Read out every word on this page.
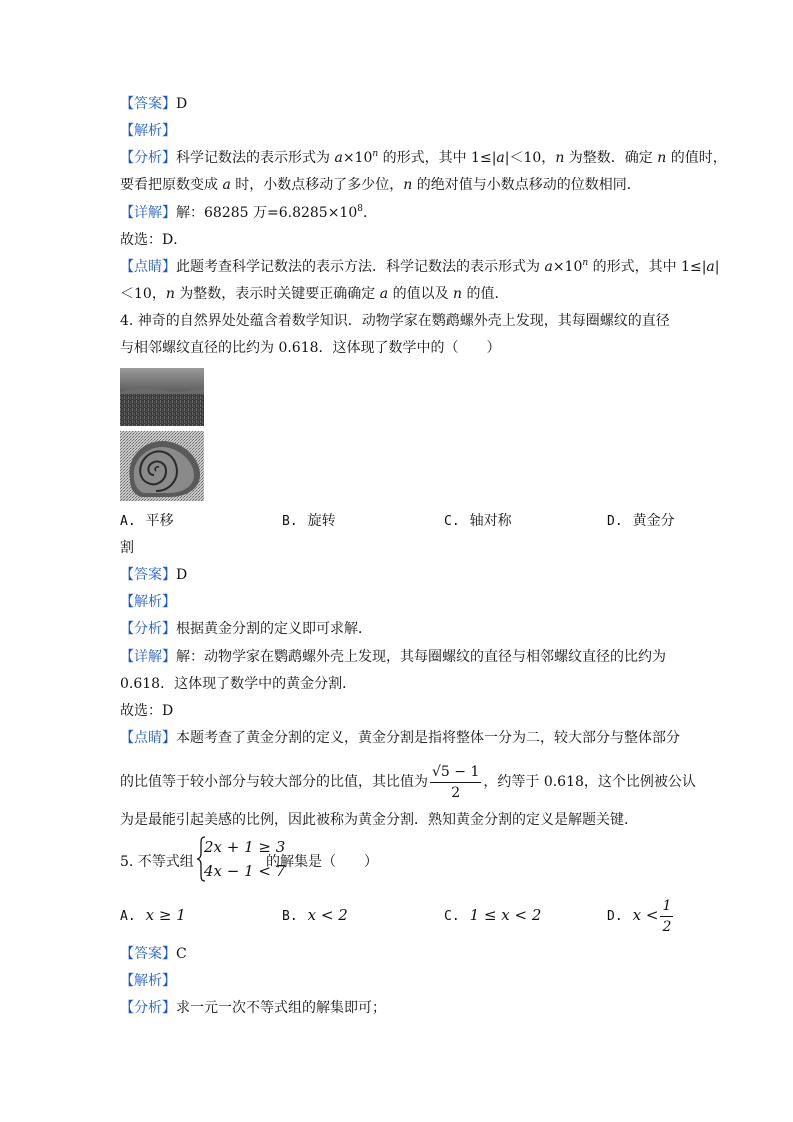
【答案】D
【解析】
【分析】科学记数法的表示形式为 $a\times 10^n$ 的形式，其中 1≤|a|＜10，n 为整数．确定 n 的值时，
要看把原数变成 a 时，小数点移动了多少位，n 的绝对值与小数点移动的位数相同．
【详解】解：68285 万$=6.8285\times 10^8$．
故选：D．
【点睛】此题考查科学记数法的表示方法．科学记数法的表示形式为 $a\times 10^n$ 的形式，其中 1≤|a|
＜10，n 为整数，表示时关键要正确确定 a 的值以及 n 的值．
4. 神奇的自然界处处蕴含着数学知识．动物学家在鹦鹉螺外壳上发现，其每圈螺纹的直径
与相邻螺纹直径的比约为 0.618．这体现了数学中的（　　）
A. 平移	B. 旋转	C. 轴对称	D. 黄金分
割
【答案】D
【解析】
【分析】根据黄金分割的定义即可求解．
【详解】解：动物学家在鹦鹉螺外壳上发现，其每圈螺纹的直径与相邻螺纹直径的比约为
0.618．这体现了数学中的黄金分割．
故选：D
【点睛】本题考查了黄金分割的定义，黄金分割是指将整体一分为二，较大部分与整体部分
的比值等于较小部分与较大部分的比值，其比值为 $\frac{√5 - 1}{2}$ ，约等于 0.618，这个比例被公认
为是最能引起美感的比例，因此被称为黄金分割．熟知黄金分割的定义是解题关键．
5. 不等式组
2x + 1 ≥ 3
4x − 1 < 7
的解集是（　　）
A. x ≥ 1	B. x < 2	C. 1 ≤ x < 2	D. $x < \frac{1}{2}$
【答案】C
【解析】
【分析】求一元一次不等式组的解集即可；
